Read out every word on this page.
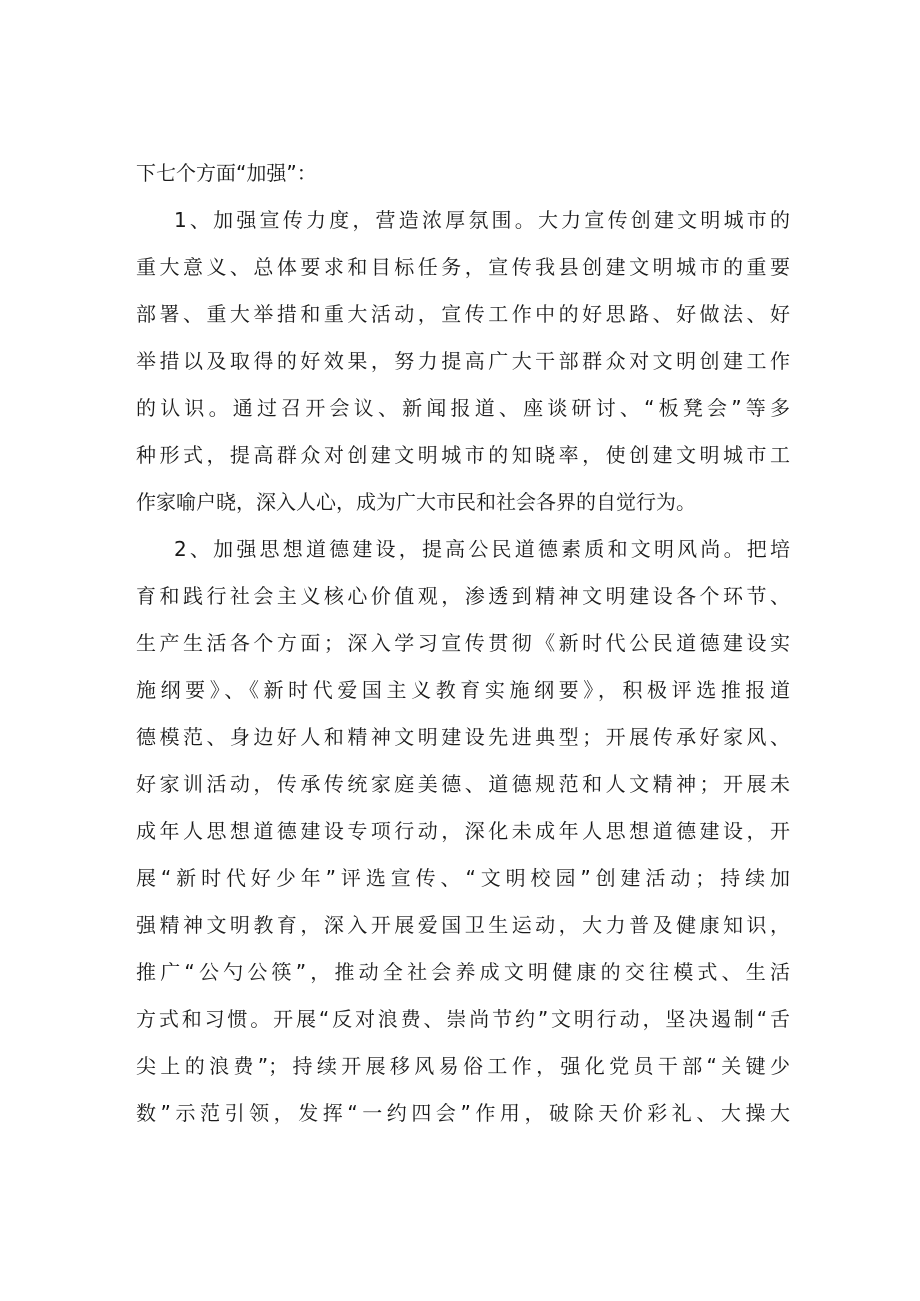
下七个方面“加强”：
1、加强宣传力度，营造浓厚氛围。大力宣传创建文明城市的
重大意义、总体要求和目标任务，宣传我县创建文明城市的重要
部署、重大举措和重大活动，宣传工作中的好思路、好做法、好
举措以及取得的好效果，努力提高广大干部群众对文明创建工作
的认识。通过召开会议、新闻报道、座谈研讨、“板凳会”等多
种形式，提高群众对创建文明城市的知晓率，使创建文明城市工
作家喻户晓，深入人心，成为广大市民和社会各界的自觉行为。
2、加强思想道德建设，提高公民道德素质和文明风尚。把培
育和践行社会主义核心价值观，渗透到精神文明建设各个环节、
生产生活各个方面；深入学习宣传贯彻《新时代公民道德建设实
施纲要》、《新时代爱国主义教育实施纲要》，积极评选推报道
德模范、身边好人和精神文明建设先进典型；开展传承好家风、
好家训活动，传承传统家庭美德、道德规范和人文精神；开展未
成年人思想道德建设专项行动，深化未成年人思想道德建设，开
展“新时代好少年”评选宣传、“文明校园”创建活动；持续加
强精神文明教育，深入开展爱国卫生运动，大力普及健康知识，
推广“公勺公筷”，推动全社会养成文明健康的交往模式、生活
方式和习惯。开展“反对浪费、崇尚节约”文明行动，坚决遏制“舌
尖上的浪费”；持续开展移风易俗工作，强化党员干部“关键少
数”示范引领，发挥“一约四会”作用，破除天价彩礼、大操大
